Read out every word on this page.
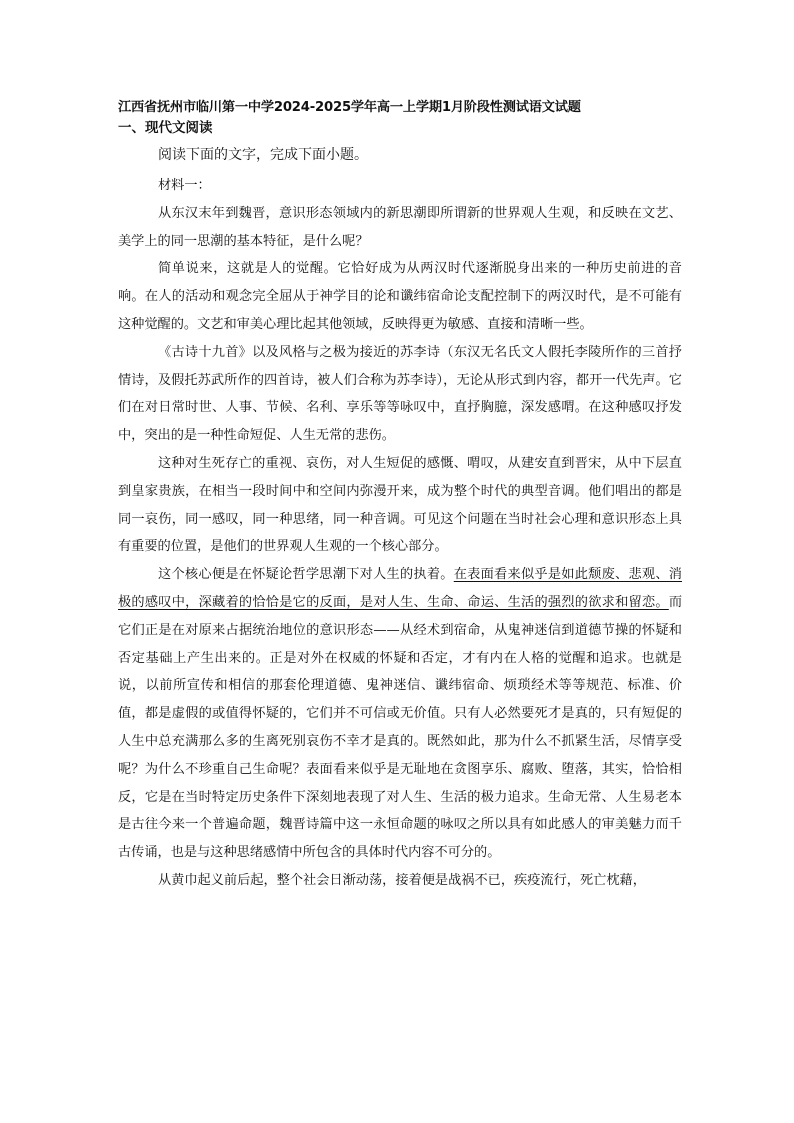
江西省抚州市临川第一中学2024-2025学年高一上学期1月阶段性测试语文试题
一、现代文阅读

阅读下面的文字，完成下面小题。

材料一：

从东汉末年到魏晋，意识形态领域内的新思潮即所谓新的世界观人生观，和反映在文艺、美学上的同一思潮的基本特征，是什么呢？

简单说来，这就是人的觉醒。它恰好成为从两汉时代逐渐脱身出来的一种历史前进的音响。在人的活动和观念完全屈从于神学目的论和谶纬宿命论支配控制下的两汉时代，是不可能有这种觉醒的。文艺和审美心理比起其他领域，反映得更为敏感、直接和清晰一些。

《古诗十九首》以及风格与之极为接近的苏李诗（东汉无名氏文人假托李陵所作的三首抒情诗，及假托苏武所作的四首诗，被人们合称为苏李诗），无论从形式到内容，都开一代先声。它们在对日常时世、人事、节候、名利、享乐等等咏叹中，直抒胸臆，深发感喟。在这种感叹抒发中，突出的是一种性命短促、人生无常的悲伤。

这种对生死存亡的重视、哀伤，对人生短促的感慨、喟叹，从建安直到晋宋，从中下层直到皇家贵族，在相当一段时间中和空间内弥漫开来，成为整个时代的典型音调。他们唱出的都是同一哀伤，同一感叹，同一种思绪，同一种音调。可见这个问题在当时社会心理和意识形态上具有重要的位置，是他们的世界观人生观的一个核心部分。

这个核心便是在怀疑论哲学思潮下对人生的执着。在表面看来似乎是如此颓废、悲观、消极的感叹中，深藏着的恰恰是它的反面，是对人生、生命、命运、生活的强烈的欲求和留恋。而它们正是在对原来占据统治地位的意识形态——从经术到宿命，从鬼神迷信到道德节操的怀疑和否定基础上产生出来的。正是对外在权威的怀疑和否定，才有内在人格的觉醒和追求。也就是说，以前所宣传和相信的那套伦理道德、鬼神迷信、谶纬宿命、烦琐经术等等规范、标准、价值，都是虚假的或值得怀疑的，它们并不可信或无价值。只有人必然要死才是真的，只有短促的人生中总充满那么多的生离死别哀伤不幸才是真的。既然如此，那为什么不抓紧生活，尽情享受呢？为什么不珍重自己生命呢？表面看来似乎是无耻地在贪图享乐、腐败、堕落，其实，恰恰相反，它是在当时特定历史条件下深刻地表现了对人生、生活的极力追求。生命无常、人生易老本是古往今来一个普遍命题，魏晋诗篇中这一永恒命题的咏叹之所以具有如此感人的审美魅力而千古传诵，也是与这种思绪感情中所包含的具体时代内容不可分的。

从黄巾起义前后起，整个社会日渐动荡，接着便是战祸不已，疾疫流行，死亡枕藉，
